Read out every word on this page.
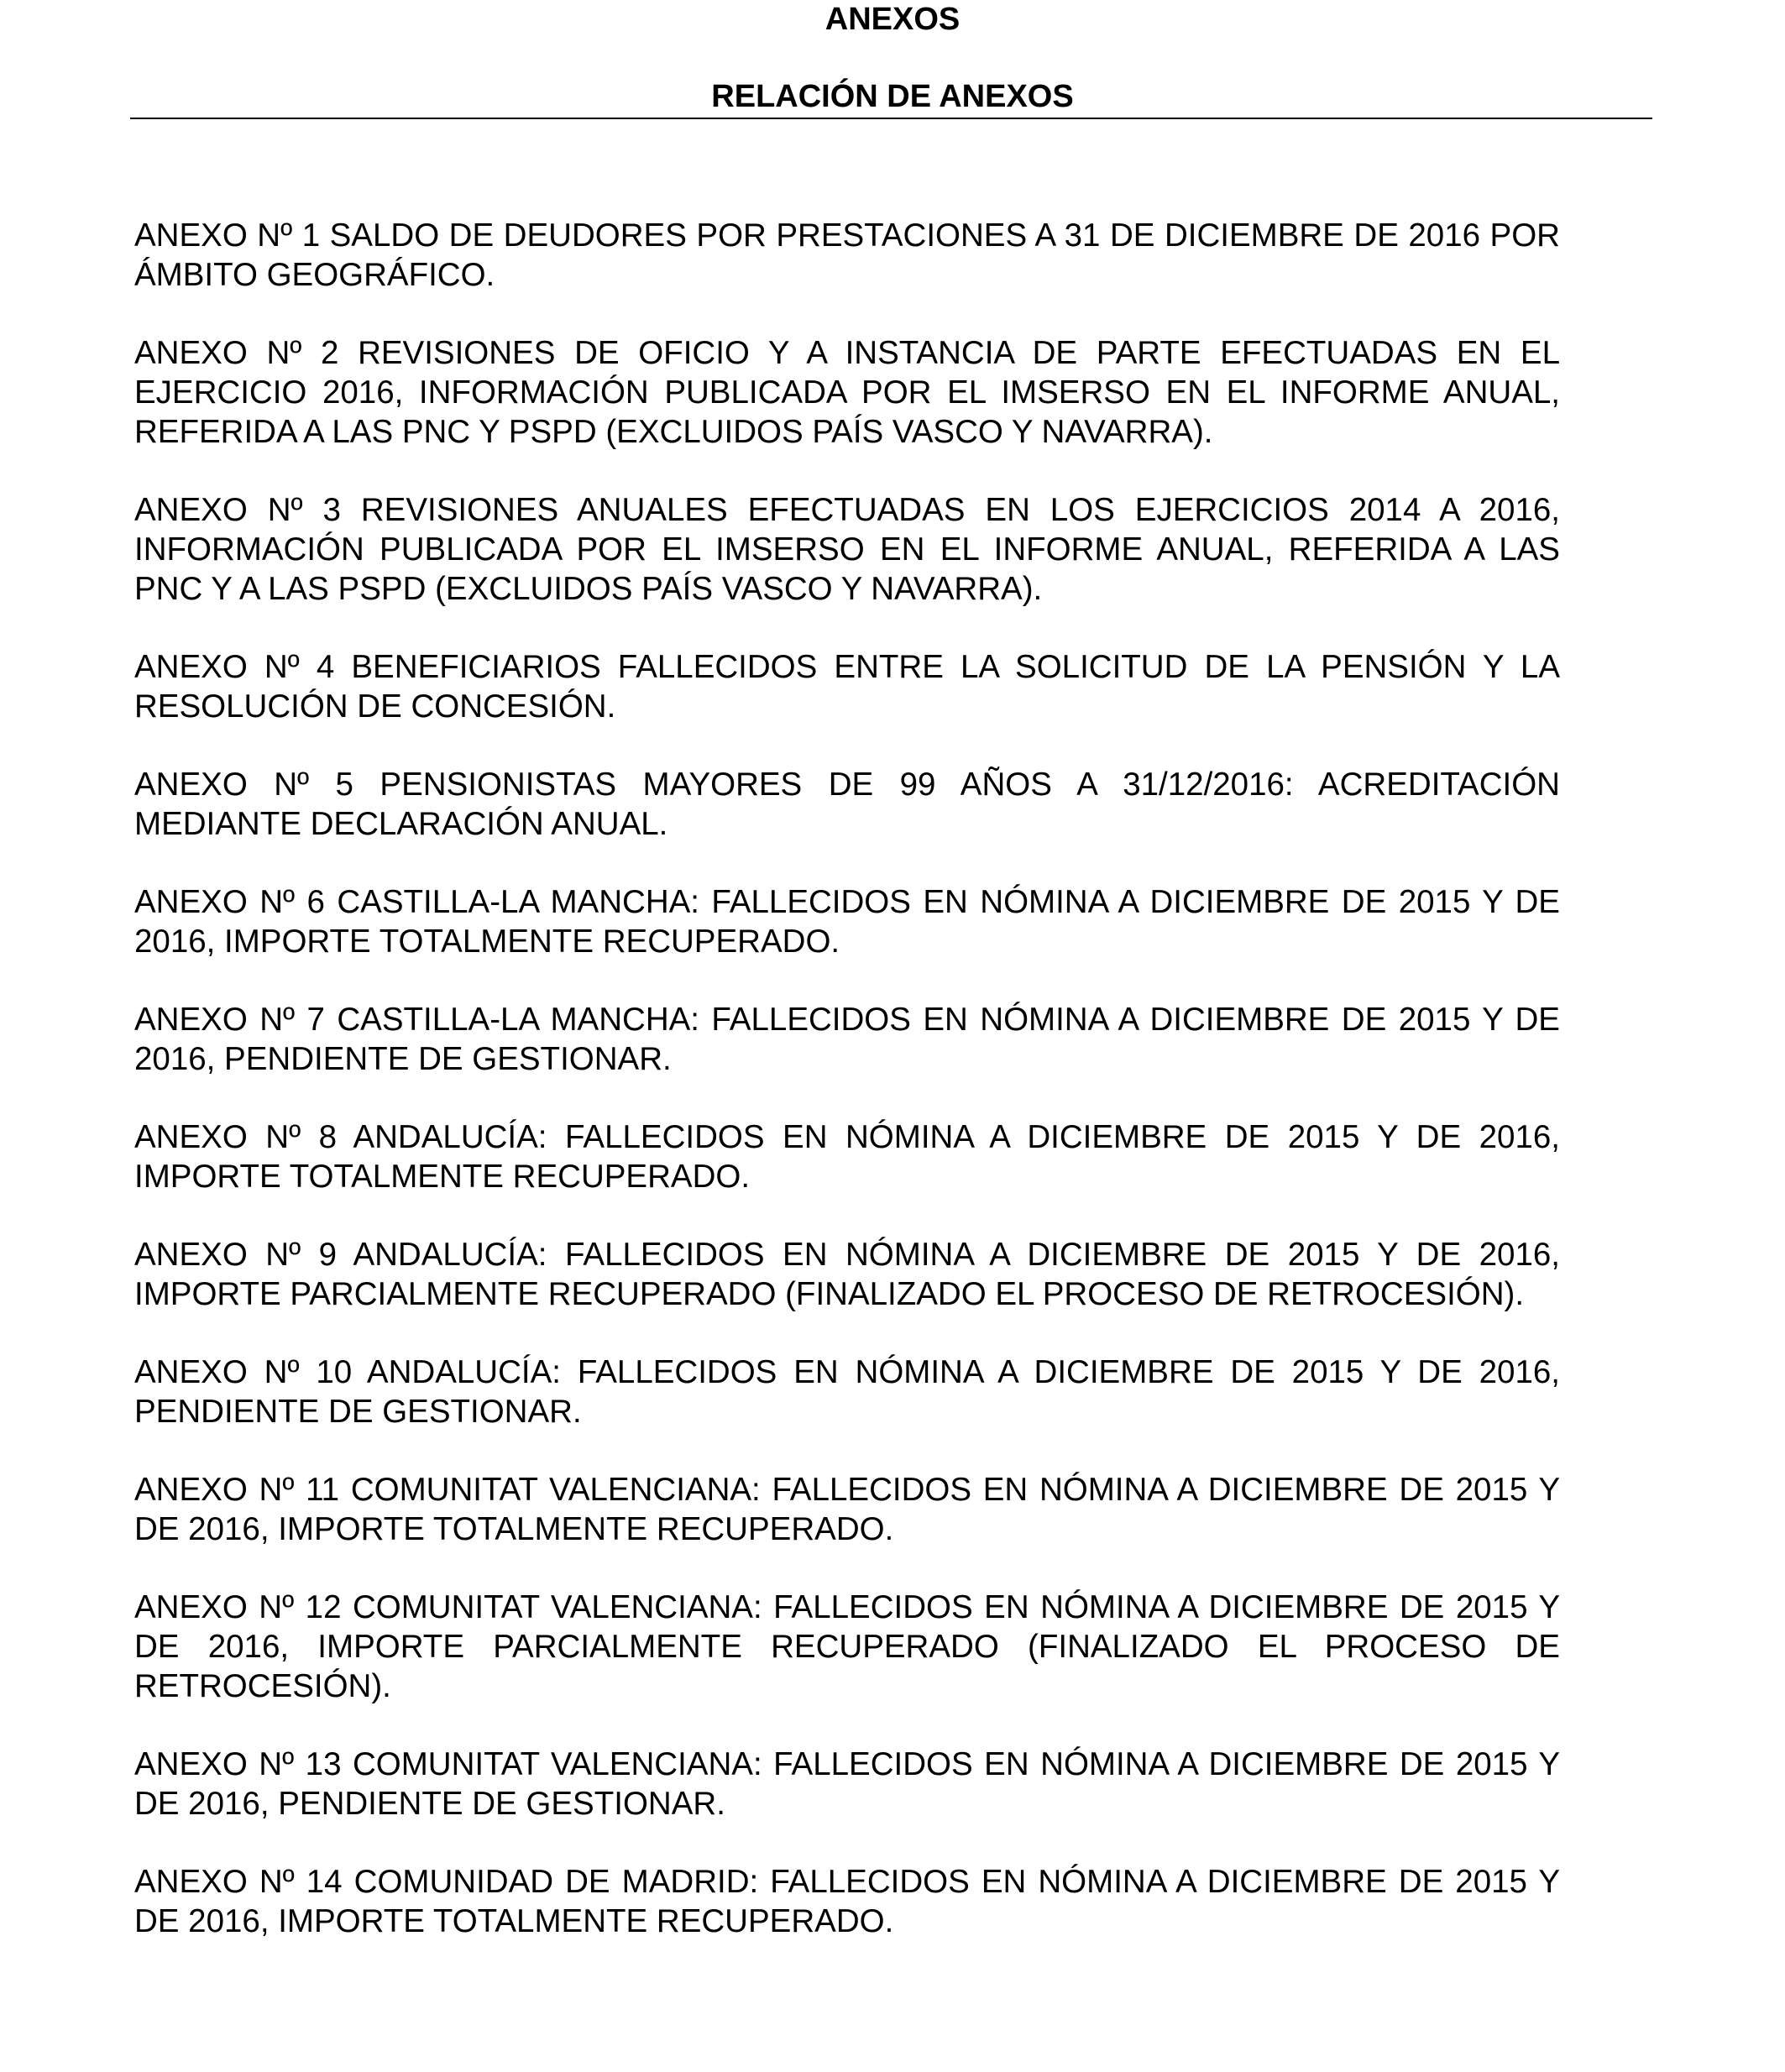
ANEXOS
RELACIÓN DE ANEXOS
ANEXO Nº 1 SALDO DE DEUDORES POR PRESTACIONES A 31 DE DICIEMBRE DE 2016 POR ÁMBITO GEOGRÁFICO.
ANEXO Nº 2 REVISIONES DE OFICIO Y A INSTANCIA DE PARTE EFECTUADAS EN EL EJERCICIO 2016, INFORMACIÓN PUBLICADA POR EL IMSERSO EN EL INFORME ANUAL, REFERIDA A LAS PNC Y PSPD (EXCLUIDOS PAÍS VASCO Y NAVARRA).
ANEXO Nº 3 REVISIONES ANUALES EFECTUADAS EN LOS EJERCICIOS 2014 A 2016, INFORMACIÓN PUBLICADA POR EL IMSERSO EN EL INFORME ANUAL, REFERIDA A LAS PNC Y A LAS PSPD (EXCLUIDOS PAÍS VASCO Y NAVARRA).
ANEXO Nº 4 BENEFICIARIOS FALLECIDOS ENTRE LA SOLICITUD DE LA PENSIÓN Y LA RESOLUCIÓN DE CONCESIÓN.
ANEXO Nº 5 PENSIONISTAS MAYORES DE 99 AÑOS A 31/12/2016: ACREDITACIÓN MEDIANTE DECLARACIÓN ANUAL.
ANEXO Nº 6 CASTILLA-LA MANCHA: FALLECIDOS EN NÓMINA A DICIEMBRE DE 2015 Y DE 2016, IMPORTE TOTALMENTE RECUPERADO.
ANEXO Nº 7 CASTILLA-LA MANCHA: FALLECIDOS EN NÓMINA A DICIEMBRE DE 2015 Y DE 2016, PENDIENTE DE GESTIONAR.
ANEXO Nº 8 ANDALUCÍA: FALLECIDOS EN NÓMINA A DICIEMBRE DE 2015 Y DE 2016, IMPORTE TOTALMENTE RECUPERADO.
ANEXO Nº 9 ANDALUCÍA: FALLECIDOS EN NÓMINA A DICIEMBRE DE 2015 Y DE 2016, IMPORTE PARCIALMENTE RECUPERADO (FINALIZADO EL PROCESO DE RETROCESIÓN).
ANEXO Nº 10 ANDALUCÍA: FALLECIDOS EN NÓMINA A DICIEMBRE DE 2015 Y DE 2016, PENDIENTE DE GESTIONAR.
ANEXO Nº 11 COMUNITAT VALENCIANA: FALLECIDOS EN NÓMINA A DICIEMBRE DE 2015 Y DE 2016, IMPORTE TOTALMENTE RECUPERADO.
ANEXO Nº 12 COMUNITAT VALENCIANA: FALLECIDOS EN NÓMINA A DICIEMBRE DE 2015 Y DE 2016, IMPORTE PARCIALMENTE RECUPERADO (FINALIZADO EL PROCESO DE RETROCESIÓN).
ANEXO Nº 13 COMUNITAT VALENCIANA: FALLECIDOS EN NÓMINA A DICIEMBRE DE 2015 Y DE 2016, PENDIENTE DE GESTIONAR.
ANEXO Nº 14 COMUNIDAD DE MADRID: FALLECIDOS EN NÓMINA A DICIEMBRE DE 2015 Y DE 2016, IMPORTE TOTALMENTE RECUPERADO.
